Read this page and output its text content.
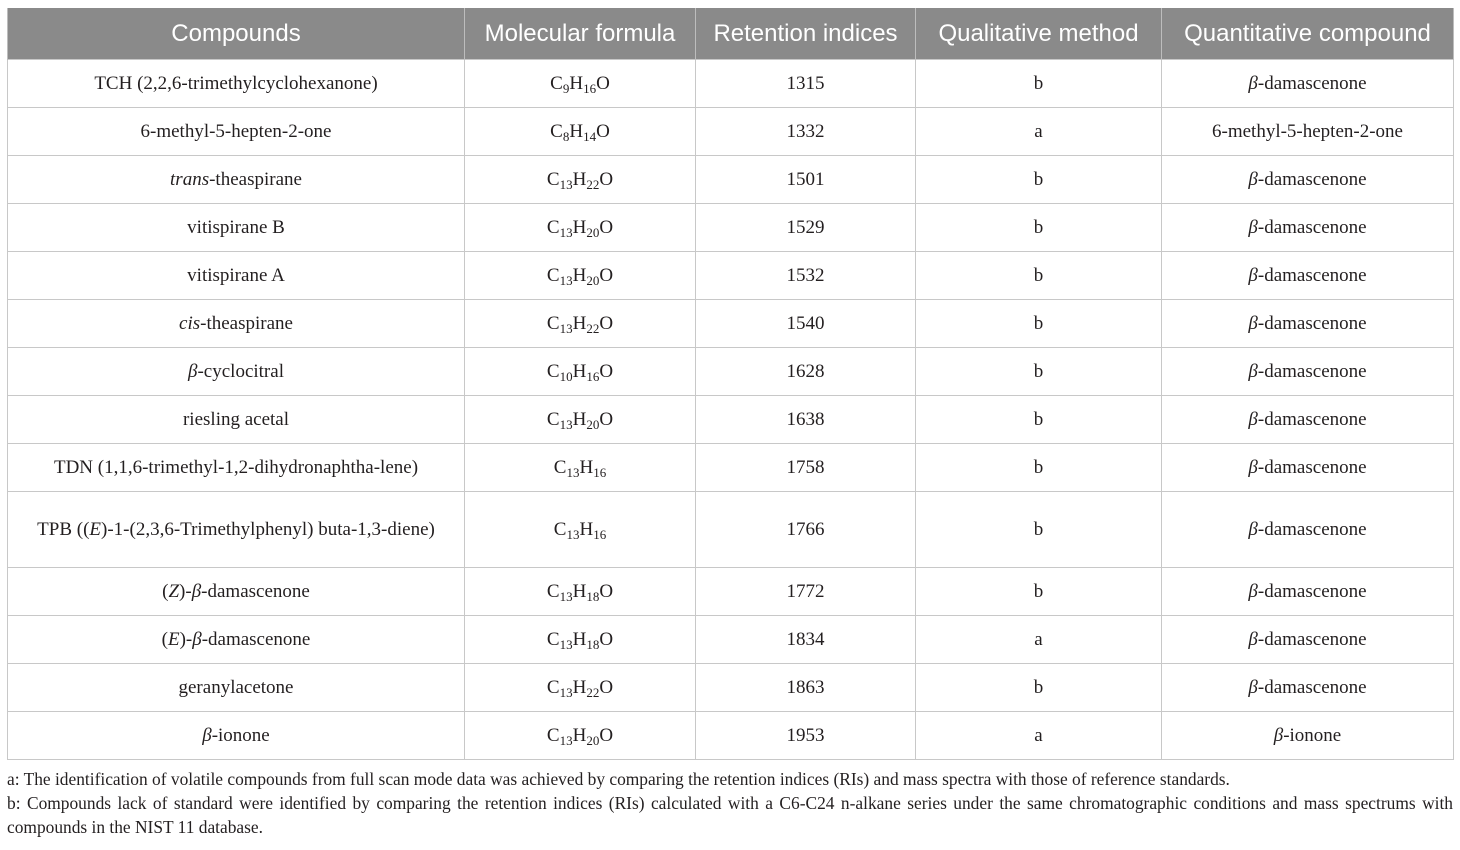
Compounds	Molecular formula	Retention indices	Qualitative method	Quantitative compound
TCH (2,2,6-trimethylcyclohexanone)	$C_9H_{16}O$	1315	b	β-damascenone
6-methyl-5-hepten-2-one	$C_8H_{14}O$	1332	a	6-methyl-5-hepten-2-one
trans-theaspirane	$C_{13}H_{22}O$	1501	b	β-damascenone
vitispirane B	$C_{13}H_{20}O$	1529	b	β-damascenone
vitispirane A	$C_{13}H_{20}O$	1532	b	β-damascenone
cis-theaspirane	$C_{13}H_{22}O$	1540	b	β-damascenone
β-cyclocitral	$C_{10}H_{16}O$	1628	b	β-damascenone
riesling acetal	$C_{13}H_{20}O$	1638	b	β-damascenone
TDN (1,1,6-trimethyl-1,2-dihydronaphtha-lene)	$C_{13}H_{16}$	1758	b	β-damascenone
TPB ((E)-1-(2,3,6-Trimethylphenyl) buta-1,3-diene)	$C_{13}H_{16}$	1766	b	β-damascenone
(Z)-β-damascenone	$C_{13}H_{18}O$	1772	b	β-damascenone
(E)-β-damascenone	$C_{13}H_{18}O$	1834	a	β-damascenone
geranylacetone	$C_{13}H_{22}O$	1863	b	β-damascenone
β-ionone	$C_{13}H_{20}O$	1953	a	β-ionone

a: The identification of volatile compounds from full scan mode data was achieved by comparing the retention indices (RIs) and mass spectra with those of reference standards.

b: Compounds lack of standard were identified by comparing the retention indices (RIs) calculated with a C6-C24 n-alkane series under the same chromatographic conditions and mass spectrums with compounds in the NIST 11 database.
